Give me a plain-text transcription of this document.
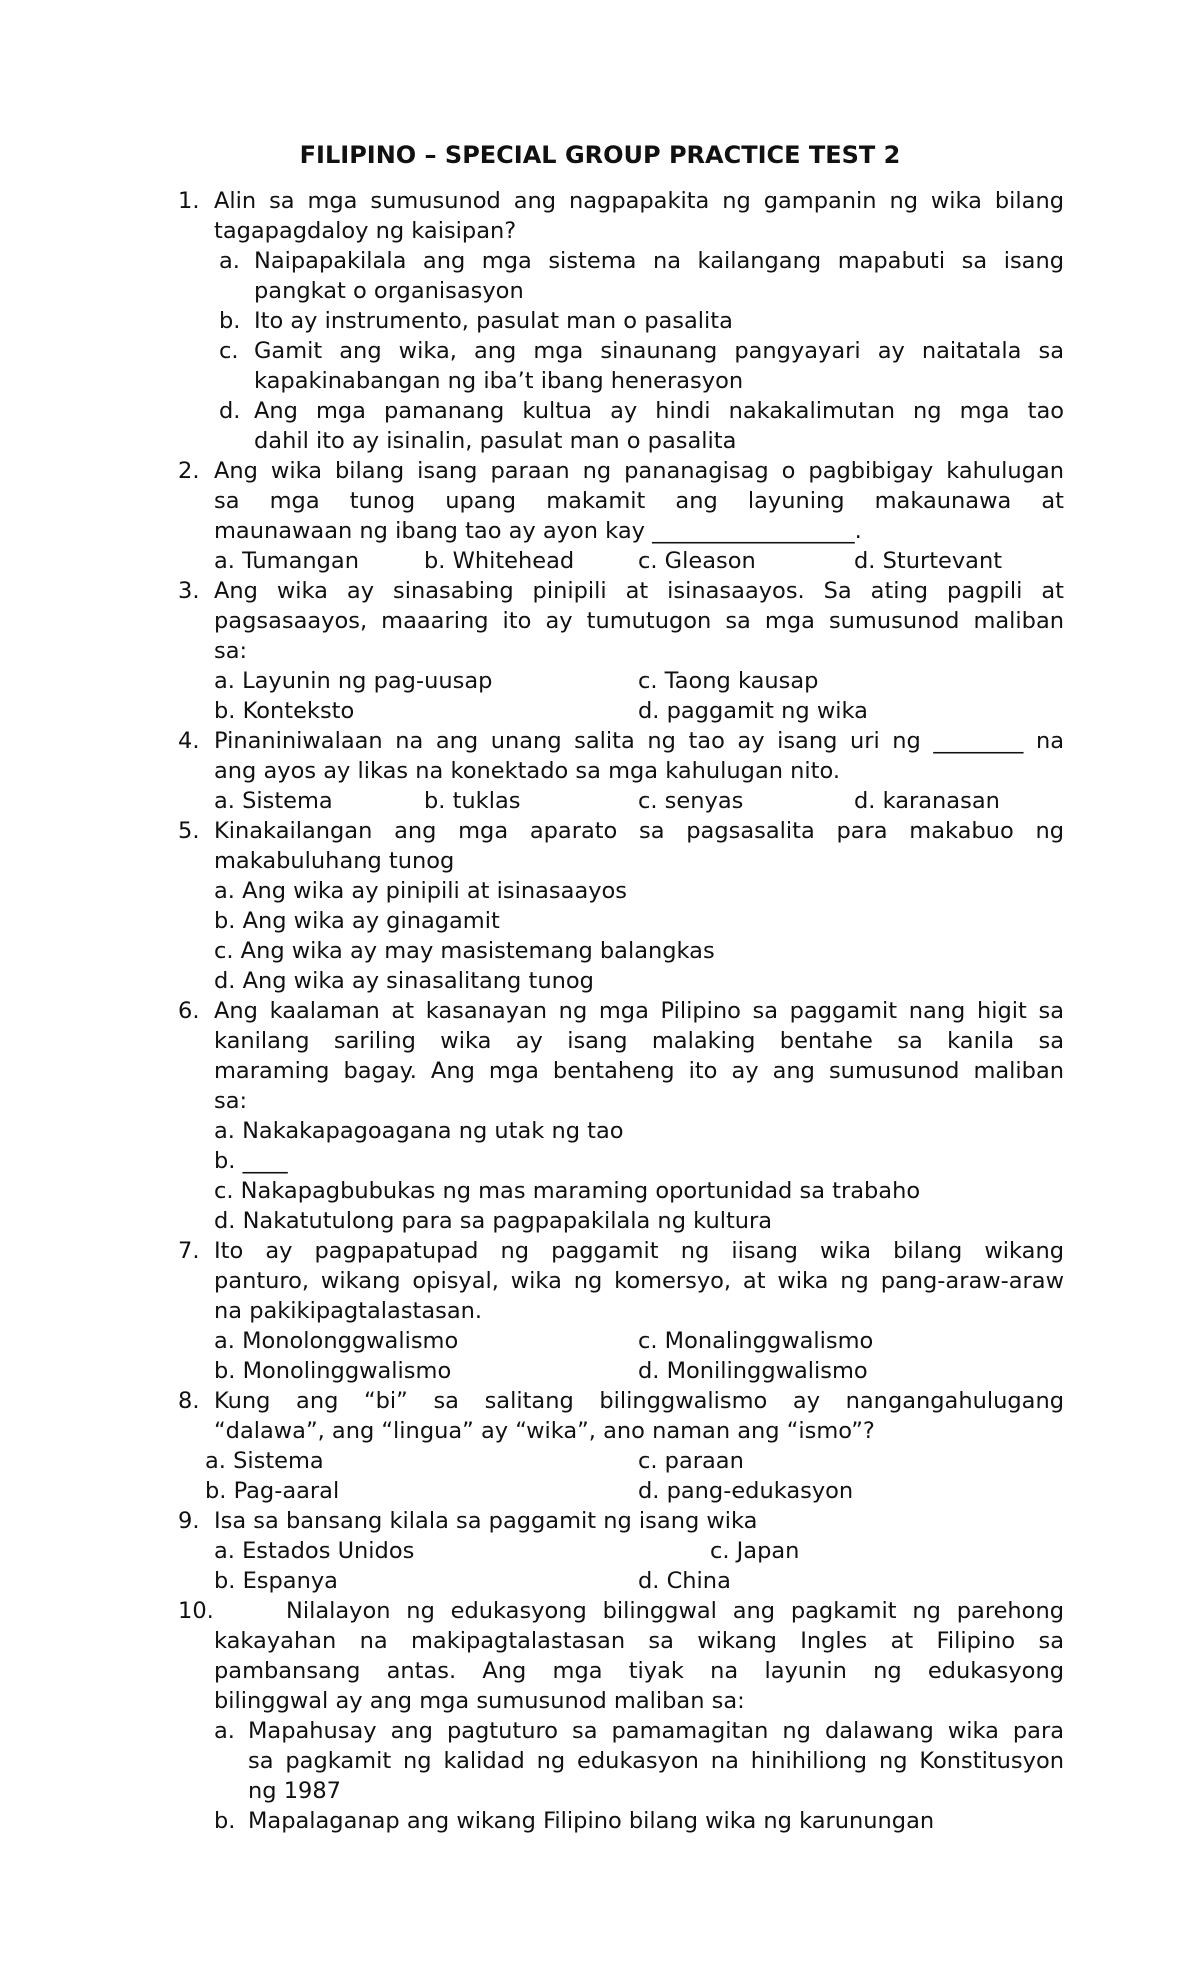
FILIPINO – SPECIAL GROUP PRACTICE TEST 2
1. Alin sa mga sumusunod ang nagpapakita ng gampanin ng wika bilang
tagapagdaloy ng kaisipan?
a. Naipapakilala ang mga sistema na kailangang mapabuti sa isang
pangkat o organisasyon
b. Ito ay instrumento, pasulat man o pasalita
c. Gamit ang wika, ang mga sinaunang pangyayari ay naitatala sa
kapakinabangan ng iba’t ibang henerasyon
d. Ang mga pamanang kultua ay hindi nakakalimutan ng mga tao
dahil ito ay isinalin, pasulat man o pasalita
2. Ang wika bilang isang paraan ng pananagisag o pagbibigay kahulugan
sa mga tunog upang makamit ang layuning makaunawa at
maunawaan ng ibang tao ay ayon kay __________________.
a. Tumangan	b. Whitehead	c. Gleason	d. Sturtevant
3. Ang wika ay sinasabing pinipili at isinasaayos. Sa ating pagpili at
pagsasaayos, maaaring ito ay tumutugon sa mga sumusunod maliban
sa:
a. Layunin ng pag-uusap	c. Taong kausap
b. Konteksto	d. paggamit ng wika
4. Pinaniniwalaan na ang unang salita ng tao ay isang uri ng ________ na
ang ayos ay likas na konektado sa mga kahulugan nito.
a. Sistema	b. tuklas	c. senyas	d. karanasan
5. Kinakailangan ang mga aparato sa pagsasalita para makabuo ng
makabuluhang tunog
a. Ang wika ay pinipili at isinasaayos
b. Ang wika ay ginagamit
c. Ang wika ay may masistemang balangkas
d. Ang wika ay sinasalitang tunog
6. Ang kaalaman at kasanayan ng mga Pilipino sa paggamit nang higit sa
kanilang sariling wika ay isang malaking bentahe sa kanila sa
maraming bagay. Ang mga bentaheng ito ay ang sumusunod maliban
sa:
a. Nakakapagoagana ng utak ng tao
b. ____
c. Nakapagbubukas ng mas maraming oportunidad sa trabaho
d. Nakatutulong para sa pagpapakilala ng kultura
7. Ito ay pagpapatupad ng paggamit ng iisang wika bilang wikang
panturo, wikang opisyal, wika ng komersyo, at wika ng pang-araw-araw
na pakikipagtalastasan.
a. Monolonggwalismo	c. Monalinggwalismo
b. Monolinggwalismo	d. Monilinggwalismo
8. Kung ang “bi” sa salitang bilinggwalismo ay nangangahulugang
“dalawa”, ang “lingua” ay “wika”, ano naman ang “ismo”?
a. Sistema	c. paraan
b. Pag-aaral	d. pang-edukasyon
9. Isa sa bansang kilala sa paggamit ng isang wika
a. Estados Unidos	c. Japan
b. Espanya	d. China
10.	Nilalayon ng edukasyong bilinggwal ang pagkamit ng parehong
kakayahan na makipagtalastasan sa wikang Ingles at Filipino sa
pambansang antas. Ang mga tiyak na layunin ng edukasyong
bilinggwal ay ang mga sumusunod maliban sa:
a. Mapahusay ang pagtuturo sa pamamagitan ng dalawang wika para
sa pagkamit ng kalidad ng edukasyon na hinihiliong ng Konstitusyon
ng 1987
b. Mapalaganap ang wikang Filipino bilang wika ng karunungan
